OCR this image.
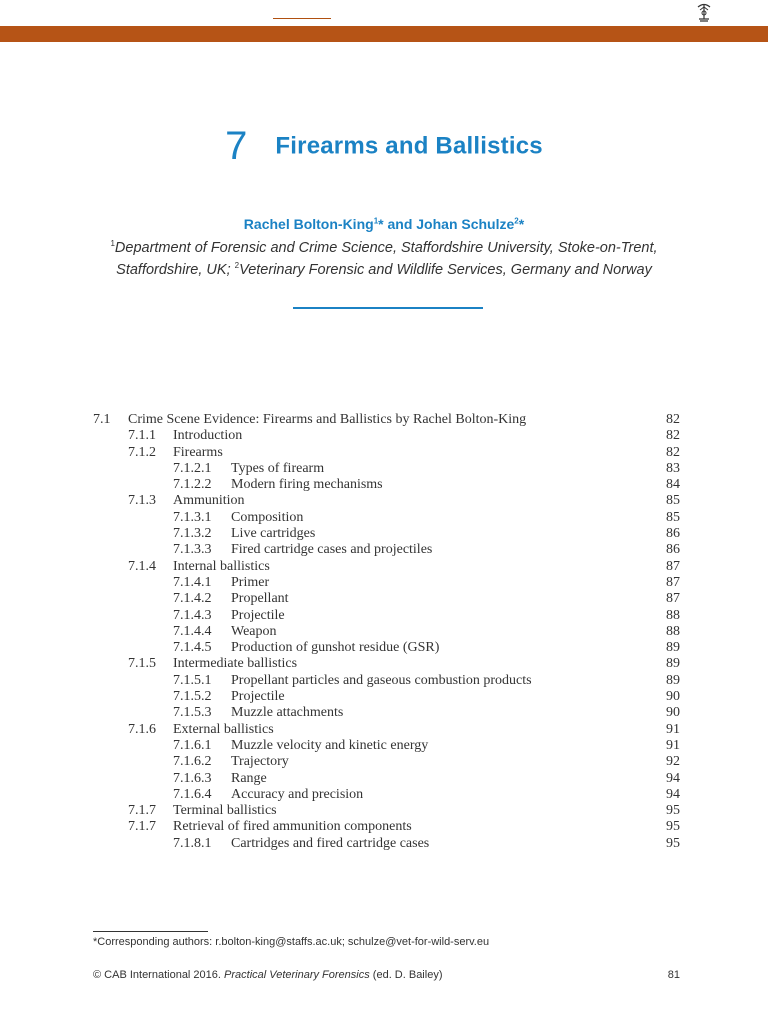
7 Firearms and Ballistics
Rachel Bolton-King$^1$* and Johan Schulze$^2$*
$^1$Department of Forensic and Crime Science, Staffordshire University, Stoke-on-Trent, Staffordshire, UK; $^2$Veterinary Forensic and Wildlife Services, Germany and Norway
7.1 Crime Scene Evidence: Firearms and Ballistics by Rachel Bolton-King	82
7.1.1 Introduction	82
7.1.2 Firearms	82
7.1.2.1 Types of firearm	83
7.1.2.2 Modern firing mechanisms	84
7.1.3 Ammunition	85
7.1.3.1 Composition	85
7.1.3.2 Live cartridges	86
7.1.3.3 Fired cartridge cases and projectiles	86
7.1.4 Internal ballistics	87
7.1.4.1 Primer	87
7.1.4.2 Propellant	87
7.1.4.3 Projectile	88
7.1.4.4 Weapon	88
7.1.4.5 Production of gunshot residue (GSR)	89
7.1.5 Intermediate ballistics	89
7.1.5.1 Propellant particles and gaseous combustion products	89
7.1.5.2 Projectile	90
7.1.5.3 Muzzle attachments	90
7.1.6 External ballistics	91
7.1.6.1 Muzzle velocity and kinetic energy	91
7.1.6.2 Trajectory	92
7.1.6.3 Range	94
7.1.6.4 Accuracy and precision	94
7.1.7 Terminal ballistics	95
7.1.7 Retrieval of fired ammunition components	95
7.1.8.1 Cartridges and fired cartridge cases	95
*Corresponding authors: r.bolton-king@staffs.ac.uk; schulze@vet-for-wild-serv.eu
© CAB International 2016. Practical Veterinary Forensics (ed. D. Bailey)	81
